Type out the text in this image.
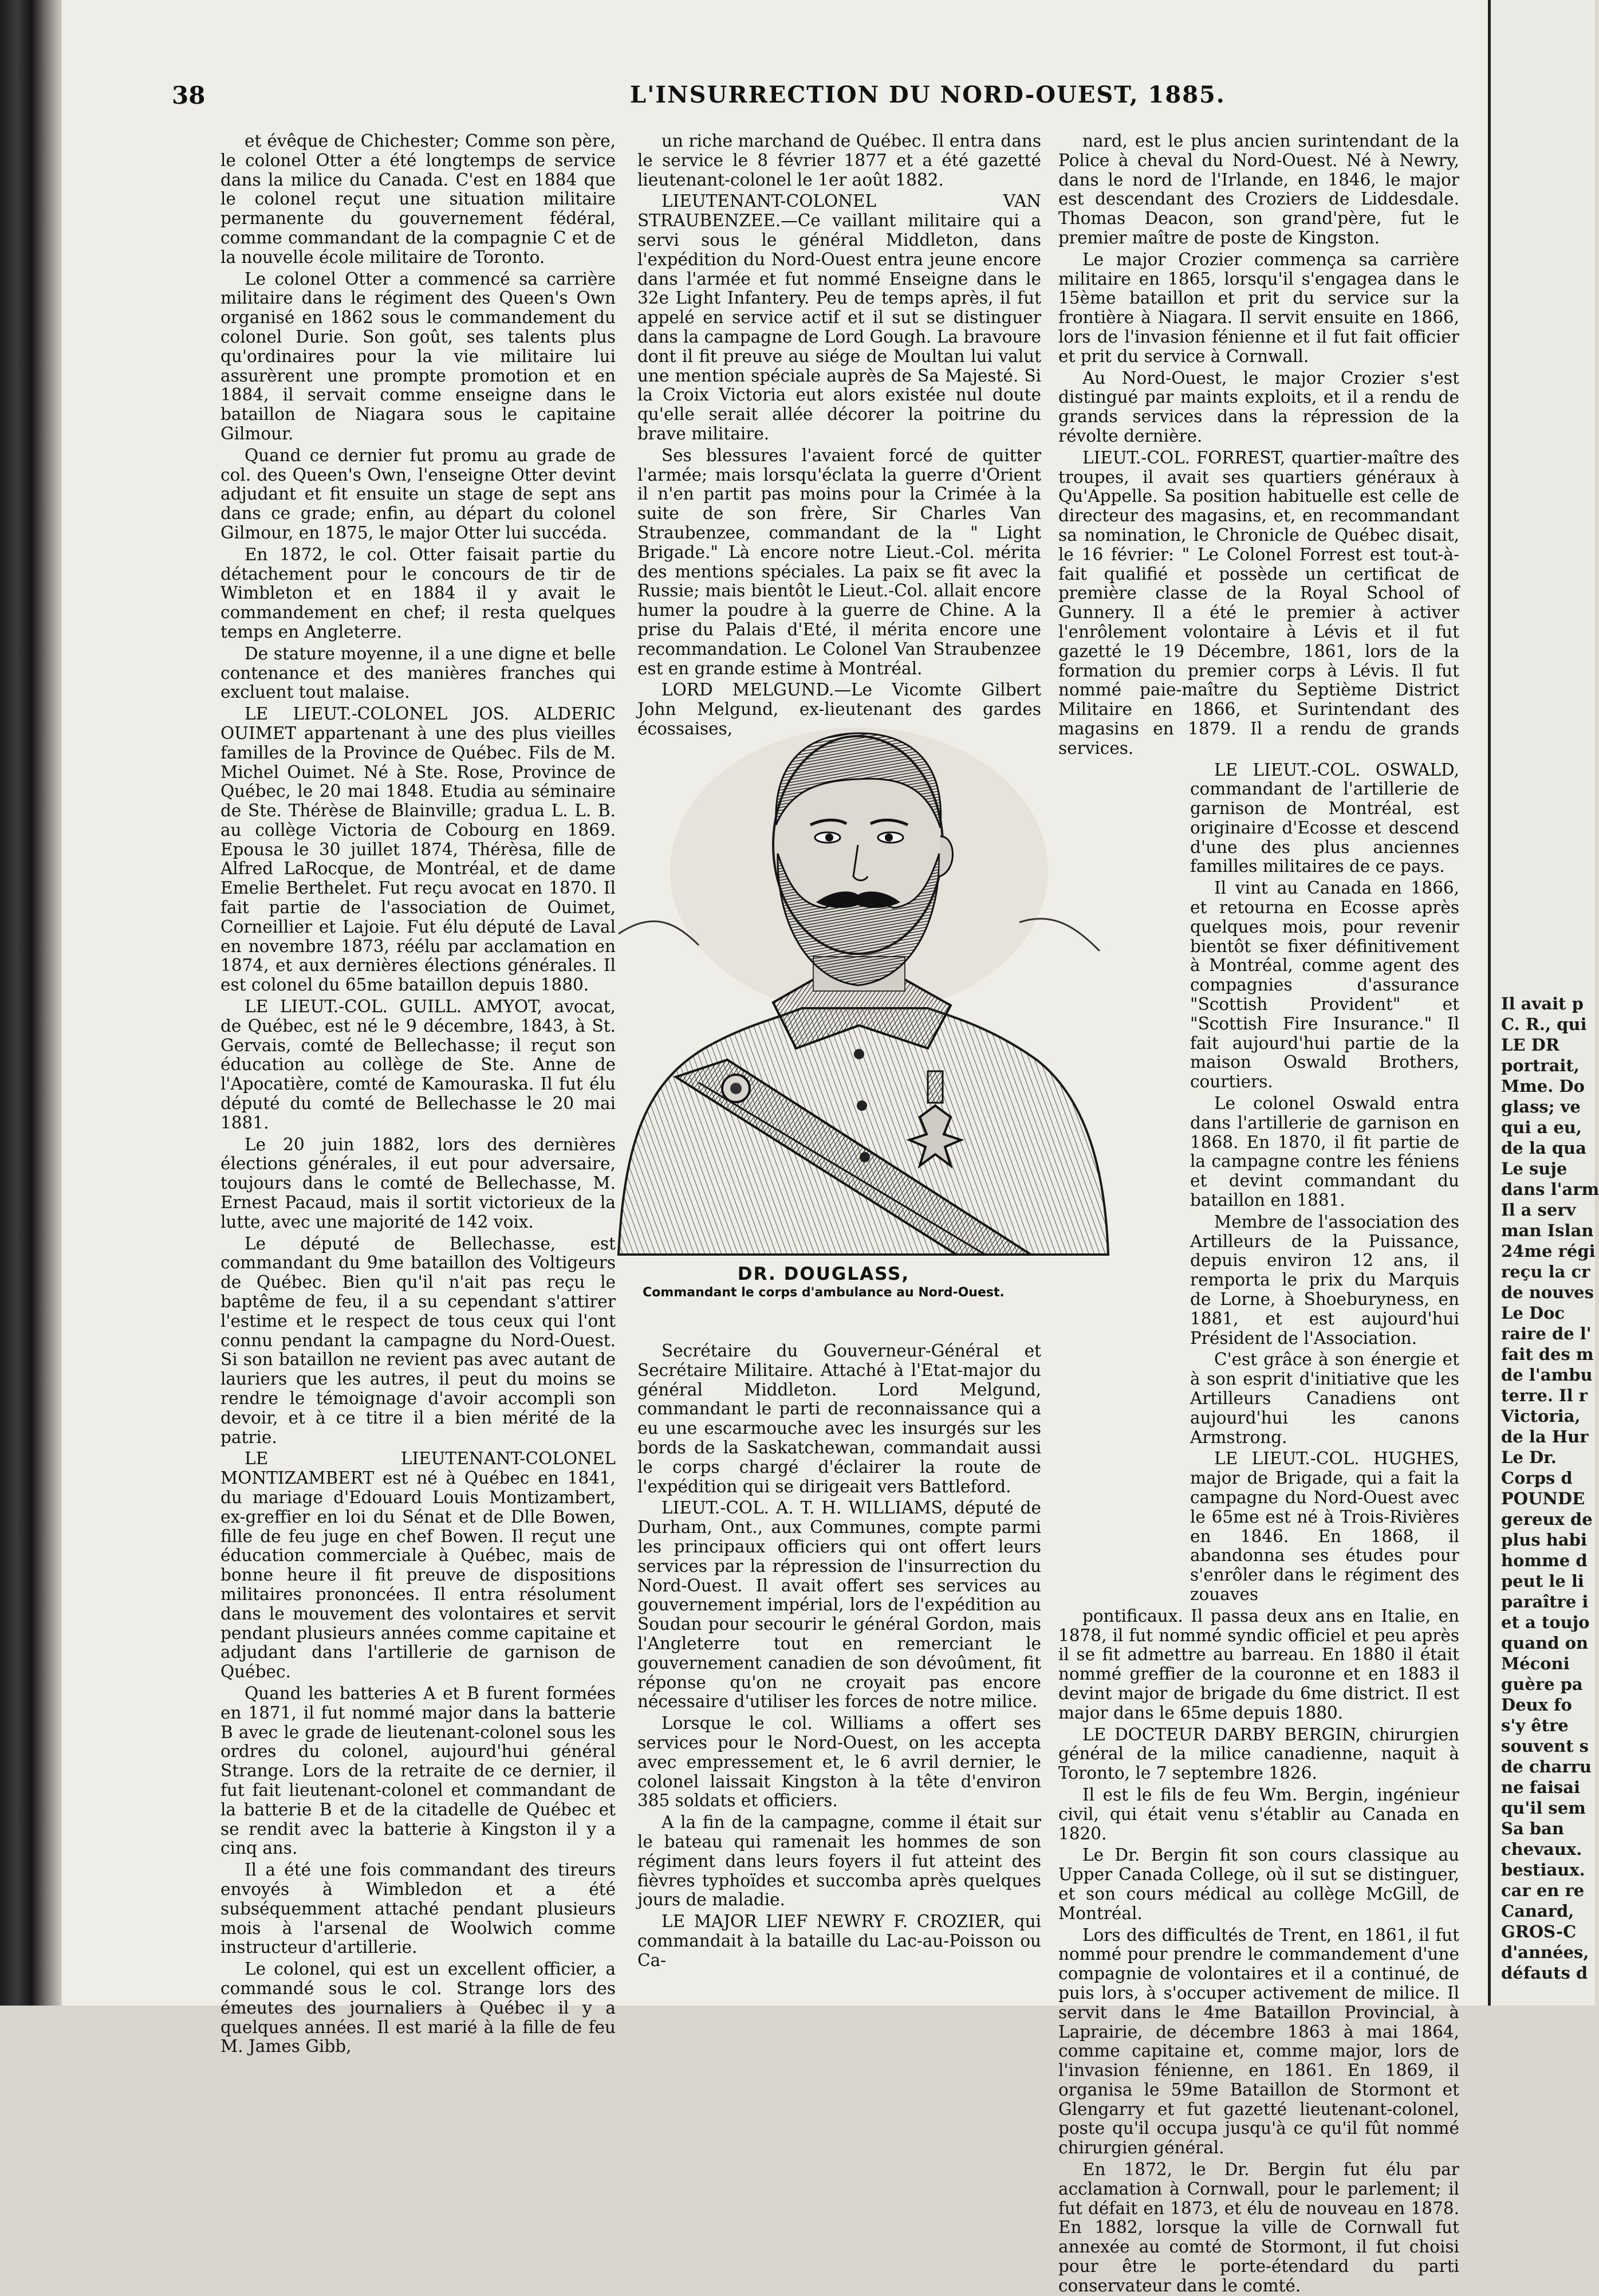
38	L'INSURRECTION DU NORD-OUEST, 1885.

et évêque de Chichester; Comme son père, le colonel Otter a été longtemps de service dans la milice du Canada. C'est en 1884 que le colonel reçut une situation militaire permanente du gouvernement fédéral, comme commandant de la compagnie C et de la nouvelle école militaire de Toronto.

Le colonel Otter a commencé sa carrière militaire dans le régiment des Queen's Own organisé en 1862 sous le commandement du colonel Durie. Son goût, ses talents plus qu'ordinaires pour la vie militaire lui assurèrent une prompte promotion et en 1884, il servait comme enseigne dans le bataillon de Niagara sous le capitaine Gilmour.

Quand ce dernier fut promu au grade de col. des Queen's Own, l'enseigne Otter devint adjudant et fit ensuite un stage de sept ans dans ce grade; enfin, au départ du colonel Gilmour, en 1875, le major Otter lui succéda.

En 1872, le col. Otter faisait partie du détachement pour le concours de tir de Wimbleton et en 1884 il y avait le commandement en chef; il resta quelques temps en Angleterre.

De stature moyenne, il a une digne et belle contenance et des manières franches qui excluent tout malaise.

LE LIEUT.-COLONEL JOS. ALDERIC OUIMET appartenant à une des plus vieilles familles de la Province de Québec. Fils de M. Michel Ouimet. Né à Ste. Rose, Province de Québec, le 20 mai 1848. Etudia au séminaire de Ste. Thérèse de Blainville; gradua L. L. B. au collège Victoria de Cobourg en 1869. Epousa le 30 juillet 1874, Thérèsa, fille de Alfred LaRocque, de Montréal, et de dame Emelie Berthelet. Fut reçu avocat en 1870. Il fait partie de l'association de Ouimet, Corneillier et Lajoie. Fut élu député de Laval en novembre 1873, réélu par acclamation en 1874, et aux dernières élections générales. Il est colonel du 65me bataillon depuis 1880.

LE LIEUT.-COL. GUILL. AMYOT, avocat, de Québec, est né le 9 décembre, 1843, à St. Gervais, comté de Bellechasse; il reçut son éducation au collège de Ste. Anne de l'Apocatière, comté de Kamouraska. Il fut élu député du comté de Bellechasse le 20 mai 1881.

Le 20 juin 1882, lors des dernières élections générales, il eut pour adversaire, toujours dans le comté de Bellechasse, M. Ernest Pacaud, mais il sortit victorieux de la lutte, avec une majorité de 142 voix.

Le député de Bellechasse, est commandant du 9me bataillon des Voltigeurs de Québec. Bien qu'il n'ait pas reçu le baptême de feu, il a su cependant s'attirer l'estime et le respect de tous ceux qui l'ont connu pendant la campagne du Nord-Ouest. Si son bataillon ne revient pas avec autant de lauriers que les autres, il peut du moins se rendre le témoignage d'avoir accompli son devoir, et à ce titre il a bien mérité de la patrie.

LE LIEUTENANT-COLONEL MONTIZAMBERT est né à Québec en 1841, du mariage d'Edouard Louis Montizambert, ex-greffier en loi du Sénat et de Dlle Bowen, fille de feu juge en chef Bowen. Il reçut une éducation commerciale à Québec, mais de bonne heure il fit preuve de dispositions militaires prononcées. Il entra résolument dans le mouvement des volontaires et servit pendant plusieurs années comme capitaine et adjudant dans l'artillerie de garnison de Québec.

Quand les batteries A et B furent formées en 1871, il fut nommé major dans la batterie B avec le grade de lieutenant-colonel sous les ordres du colonel, aujourd'hui général Strange. Lors de la retraite de ce dernier, il fut fait lieutenant-colonel et commandant de la batterie B et de la citadelle de Québec et se rendit avec la batterie à Kingston il y a cinq ans.

Il a été une fois commandant des tireurs envoyés à Wimbledon et a été subséquemment attaché pendant plusieurs mois à l'arsenal de Woolwich comme instructeur d'artillerie.

Le colonel, qui est un excellent officier, a commandé sous le col. Strange lors des émeutes des journaliers à Québec il y a quelques années. Il est marié à la fille de feu M. James Gibb,

un riche marchand de Québec. Il entra dans le service le 8 février 1877 et a été gazetté lieutenant-colonel le 1er août 1882.

LIEUTENANT-COLONEL VAN STRAUBENZEE.—Ce vaillant militaire qui a servi sous le général Middleton, dans l'expédition du Nord-Ouest entra jeune encore dans l'armée et fut nommé Enseigne dans le 32e Light Infantery. Peu de temps après, il fut appelé en service actif et il sut se distinguer dans la campagne de Lord Gough. La bravoure dont il fit preuve au siége de Moultan lui valut une mention spéciale auprès de Sa Majesté. Si la Croix Victoria eut alors existée nul doute qu'elle serait allée décorer la poitrine du brave militaire.

Ses blessures l'avaient forcé de quitter l'armée; mais lorsqu'éclata la guerre d'Orient il n'en partit pas moins pour la Crimée à la suite de son frère, Sir Charles Van Straubenzee, commandant de la " Light Brigade." Là encore notre Lieut.-Col. mérita des mentions spéciales. La paix se fit avec la Russie; mais bientôt le Lieut.-Col. allait encore humer la poudre à la guerre de Chine. A la prise du Palais d'Eté, il mérita encore une recommandation. Le Colonel Van Straubenzee est en grande estime à Montréal.

LORD MELGUND.—Le Vicomte Gilbert John Melgund, ex-lieutenant des gardes écossaises,

Secrétaire du Gouverneur-Général et Secrétaire Militaire. Attaché à l'Etat-major du général Middleton. Lord Melgund, commandant le parti de reconnaissance qui a eu une escarmouche avec les insurgés sur les bords de la Saskatchewan, commandait aussi le corps chargé d'éclairer la route de l'expédition qui se dirigeait vers Battleford.

LIEUT.-COL. A. T. H. WILLIAMS, député de Durham, Ont., aux Communes, compte parmi les principaux officiers qui ont offert leurs services par la répression de l'insurrection du Nord-Ouest. Il avait offert ses services au gouvernement impérial, lors de l'expédition au Soudan pour secourir le général Gordon, mais l'Angleterre tout en remerciant le gouvernement canadien de son dévoûment, fit réponse qu'on ne croyait pas encore nécessaire d'utiliser les forces de notre milice.

Lorsque le col. Williams a offert ses services pour le Nord-Ouest, on les accepta avec empressement et, le 6 avril dernier, le colonel laissait Kingston à la tête d'environ 385 soldats et officiers.

A la fin de la campagne, comme il était sur le bateau qui ramenait les hommes de son régiment dans leurs foyers il fut atteint des fièvres typhoïdes et succomba après quelques jours de maladie.

LE MAJOR LIEF NEWRY F. CROZIER, qui commandait à la bataille du Lac-au-Poisson ou Ca-

nard, est le plus ancien surintendant de la Police à cheval du Nord-Ouest. Né à Newry, dans le nord de l'Irlande, en 1846, le major est descendant des Croziers de Liddesdale. Thomas Deacon, son grand'père, fut le premier maître de poste de Kingston.

Le major Crozier commença sa carrière militaire en 1865, lorsqu'il s'engagea dans le 15ème bataillon et prit du service sur la frontière à Niagara. Il servit ensuite en 1866, lors de l'invasion fénienne et il fut fait officier et prit du service à Cornwall.

Au Nord-Ouest, le major Crozier s'est distingué par maints exploits, et il a rendu de grands services dans la répression de la révolte dernière.

LIEUT.-COL. FORREST, quartier-maître des troupes, il avait ses quartiers généraux à Qu'Appelle. Sa position habituelle est celle de directeur des magasins, et, en recommandant sa nomination, le Chronicle de Québec disait, le 16 février: " Le Colonel Forrest est tout-à-fait qualifié et possède un certificat de première classe de la Royal School of Gunnery. Il a été le premier à activer l'enrôlement volontaire à Lévis et il fut gazetté le 19 Décembre, 1861, lors de la formation du premier corps à Lévis. Il fut nommé paie-maître du Septième District Militaire en 1866, et Surintendant des magasins en 1879. Il a rendu de grands services.

LE LIEUT.-COL. OSWALD, commandant de l'artillerie de garnison de Montréal, est originaire d'Ecosse et descend d'une des plus anciennes familles militaires de ce pays.

Il vint au Canada en 1866, et retourna en Ecosse après quelques mois, pour revenir bientôt se fixer définitivement à Montréal, comme agent des compagnies d'assurance "Scottish Provident" et "Scottish Fire Insurance." Il fait aujourd'hui partie de la maison Oswald Brothers, courtiers.

Le colonel Oswald entra dans l'artillerie de garnison en 1868. En 1870, il fit partie de la campagne contre les féniens et devint commandant du bataillon en 1881.

Membre de l'association des Artilleurs de la Puissance, depuis environ 12 ans, il remporta le prix du Marquis de Lorne, à Shoeburyness, en 1881, et est aujourd'hui Président de l'Association.

C'est grâce à son énergie et à son esprit d'initiative que les Artilleurs Canadiens ont aujourd'hui les canons Armstrong.

LE LIEUT.-COL. HUGHES, major de Brigade, qui a fait la campagne du Nord-Ouest avec le 65me est né à Trois-Rivières en 1846. En 1868, il abandonna ses études pour s'enrôler dans le régiment des zouaves

pontificaux. Il passa deux ans en Italie, en 1878, il fut nommé syndic officiel et peu après il se fit admettre au barreau. En 1880 il était nommé greffier de la couronne et en 1883 il devint major de brigade du 6me district. Il est major dans le 65me depuis 1880.

LE DOCTEUR DARBY BERGIN, chirurgien général de la milice canadienne, naquit à Toronto, le 7 septembre 1826.

Il est le fils de feu Wm. Bergin, ingénieur civil, qui était venu s'établir au Canada en 1820.

Le Dr. Bergin fit son cours classique au Upper Canada College, où il sut se distinguer, et son cours médical au collège McGill, de Montréal.

Lors des difficultés de Trent, en 1861, il fut nommé pour prendre le commandement d'une compagnie de volontaires et il a continué, de puis lors, à s'occuper activement de milice. Il servit dans le 4me Bataillon Provincial, à Laprairie, de décembre 1863 à mai 1864, comme capitaine et, comme major, lors de l'invasion fénienne, en 1861. En 1869, il organisa le 59me Bataillon de Stormont et Glengarry et fut gazetté lieutenant-colonel, poste qu'il occupa jusqu'à ce qu'il fût nommé chirurgien général.

En 1872, le Dr. Bergin fut élu par acclamation à Cornwall, pour le parlement; il fut défait en 1873, et élu de nouveau en 1878. En 1882, lorsque la ville de Cornwall fut annexée au comté de Stormont, il fut choisi pour être le porte-étendard du parti conservateur dans le comté.

DR. DOUGLASS,
Commandant le corps d'ambulance au Nord-Ouest.
Il avait p
C. R., qui
LE DR
portrait,
Mme. Do
glass; ve
qui a eu,
de la qua
Le suje
dans l'arm
Il a serv
man Islan
24me régi
reçu la cr
de nouves
Le Doc
raire de l'
fait des m
de l'ambu
terre. Il r
Victoria,
de la Hur
Le Dr.
Corps d
POUNDE
gereux de
plus habi
homme d
peut le li
paraître i
et a toujo
quand on
Méconi
guère pa
Deux fo
s'y être
souvent s
de charru
ne faisai
qu'il sem
Sa ban
chevaux.
bestiaux.
car en re
Canard,
GROS-C
d'années,
défauts d
